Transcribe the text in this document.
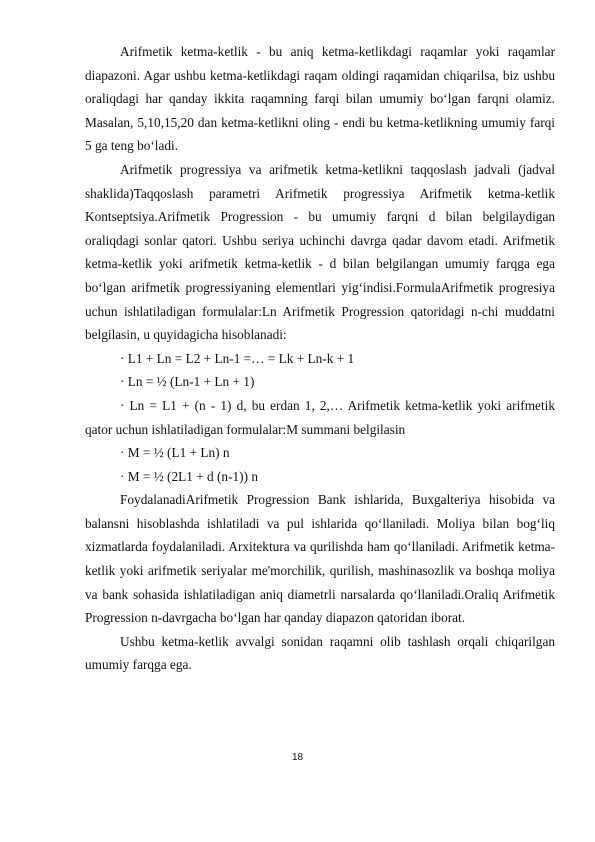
Arifmetik ketma-ketlik - bu aniq ketma-ketlikdagi raqamlar yoki raqamlar diapazoni. Agar ushbu ketma-ketlikdagi raqam oldingi raqamidan chiqarilsa, biz ushbu oraliqdagi har qanday ikkita raqamning farqi bilan umumiy bo‘lgan farqni olamiz. Masalan, 5,10,15,20 dan ketma-ketlikni oling - endi bu ketma-ketlikning umumiy farqi 5 ga teng bo‘ladi.

Arifmetik progressiya va arifmetik ketma-ketlikni taqqoslash jadvali (jadval shaklida)Taqqoslash parametri Arifmetik progressiya Arifmetik ketma-ketlik Kontseptsiya.Arifmetik Progression - bu umumiy farqni d bilan belgilaydigan oraliqdagi sonlar qatori. Ushbu seriya uchinchi davrga qadar davom etadi. Arifmetik ketma-ketlik yoki arifmetik ketma-ketlik - d bilan belgilangan umumiy farqga ega bo‘lgan arifmetik progressiyaning elementlari yig‘indisi.FormulaArifmetik progresiya uchun ishlatiladigan formulalar:Ln Arifmetik Progression qatoridagi n-chi muddatni belgilasin, u quyidagicha hisoblanadi:

· L1 + Ln = L2 + Ln-1 =… = Lk + Ln-k + 1

· Ln = ½ (Ln-1 + Ln + 1)

· Ln = L1 + (n - 1) d, bu erdan 1, 2,… Arifmetik ketma-ketlik yoki arifmetik qator uchun ishlatiladigan formulalar:M summani belgilasin

· M = ½ (L1 + Ln) n

· M = ½ (2L1 + d (n-1)) n

FoydalanadiArifmetik Progression Bank ishlarida, Buxgalteriya hisobida va balansni hisoblashda ishlatiladi va pul ishlarida qo‘llaniladi. Moliya bilan bog‘liq xizmatlarda foydalaniladi. Arxitektura va qurilishda ham qo‘llaniladi. Arifmetik ketma-ketlik yoki arifmetik seriyalar me'morchilik, qurilish, mashinasozlik va boshqa moliya va bank sohasida ishlatiladigan aniq diametrli narsalarda qo‘llaniladi.Oraliq Arifmetik Progression n-davrgacha bo‘lgan har qanday diapazon qatoridan iborat.

Ushbu ketma-ketlik avvalgi sonidan raqamni olib tashlash orqali chiqarilgan umumiy farqga ega.

18
